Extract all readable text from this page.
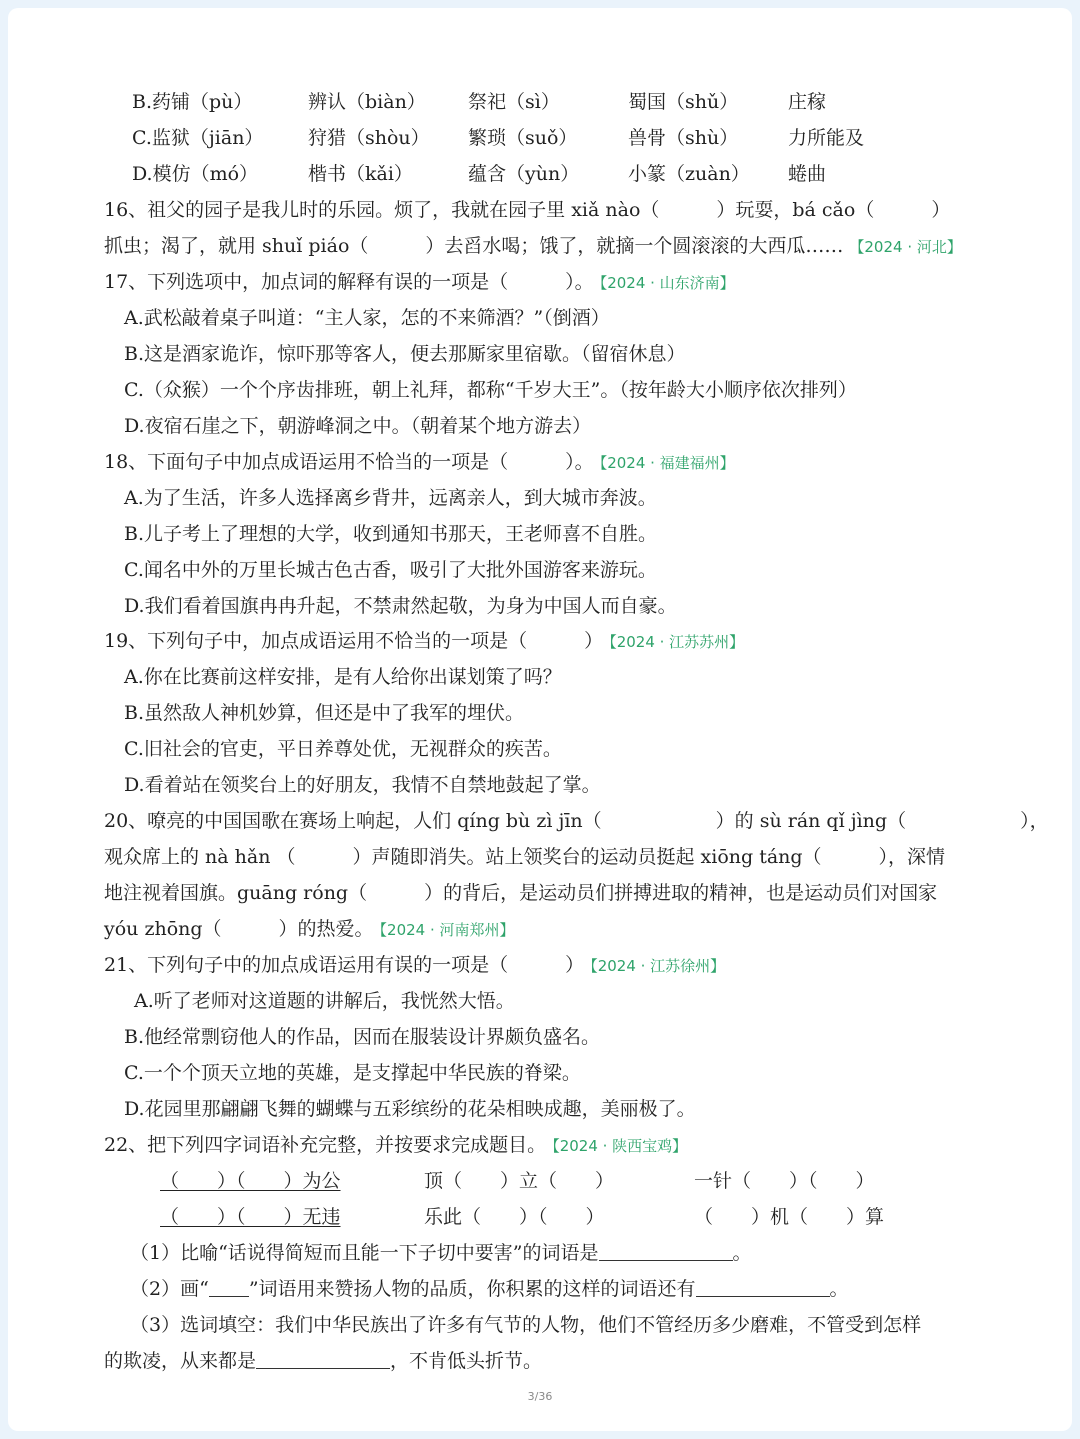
B.药铺（pù）	辨认（biàn） 祭祀（sì）	蜀国（shǔ）	庄稼
C.监狱（jiān） 狩猎（shòu） 繁琐（suǒ）	兽骨（shù）	力所能及
D.模仿（mó）	楷书（kǎi）	蕴含（yùn）	小篆（zuàn） 蜷曲
16、祖父的园子是我儿时的乐园。烦了，我就在园子里 xiǎ nào（　　　）玩耍，bá cǎo（　　　）
抓虫；渴了，就用 shuǐ piáo（　　　）去舀水喝；饿了，就摘一个圆滚滚的大西瓜…… 【2024 · 河北】
17、下列选项中，加点词的解释有误的一项是（　　　）。 【2024 · 山东济南】
A.武松敲着桌子叫道：“主人家，怎的不来筛酒？”（倒酒）
B.这是酒家诡诈，惊吓那等客人，便去那厮家里宿歇。（留宿休息）
C.（众猴）一个个序齿排班，朝上礼拜，都称“千岁大王”。（按年龄大小顺序依次排列）
D.夜宿石崖之下，朝游峰洞之中。（朝着某个地方游去）
18、下面句子中加点成语运用不恰当的一项是（　　　）。 【2024 · 福建福州】
A.为了生活，许多人选择离乡背井，远离亲人，到大城市奔波。
B.儿子考上了理想的大学，收到通知书那天，王老师喜不自胜。
C.闻名中外的万里长城古色古香，吸引了大批外国游客来游玩。
D.我们看着国旗冉冉升起，不禁肃然起敬，为身为中国人而自豪。
19、下列句子中，加点成语运用不恰当的一项是（　　　） 【2024 · 江苏苏州】
A.你在比赛前这样安排，是有人给你出谋划策了吗？
B.虽然敌人神机妙算，但还是中了我军的埋伏。
C.旧社会的官吏，平日养尊处优，无视群众的疾苦。
D.看着站在领奖台上的好朋友，我情不自禁地鼓起了掌。
20、嘹亮的中国国歌在赛场上响起，人们 qíng bù zì jīn（　　　　　　）的 sù rán qǐ jìng（　　　　　　），
观众席上的 nà hǎn （　　　）声随即消失。站上领奖台的运动员挺起 xiōng táng（　　　），深情
地注视着国旗。guāng róng（　　　）的背后，是运动员们拼搏进取的精神，也是运动员们对国家
yóu zhōng（　　　）的热爱。 【2024 · 河南郑州】
21、下列句子中的加点成语运用有误的一项是（　　　） 【2024 · 江苏徐州】
A.听了老师对这道题的讲解后，我恍然大悟。
B.他经常剽窃他人的作品，因而在服装设计界颇负盛名。
C.一个个顶天立地的英雄，是支撑起中华民族的脊梁。
D.花园里那翩翩飞舞的蝴蝶与五彩缤纷的花朵相映成趣，美丽极了。
22、把下列四字词语补充完整，并按要求完成题目。 【2024 · 陕西宝鸡】
（　　）（　　）为公	顶（　　）立（　　）	一针（　　）（　　）
（　　）（　　）无违	乐此（　　）（　　）	（　　）机（　　）算
（1）比喻“话说得简短而且能一下子切中要害”的词语是	。
（2）画“ ”词语用来赞扬人物的品质，你积累的这样的词语还有	。
（3）选词填空：我们中华民族出了许多有气节的人物，他们不管经历多少磨难，不管受到怎样
的欺凌，从来都是	，不肯低头折节。
3/36
